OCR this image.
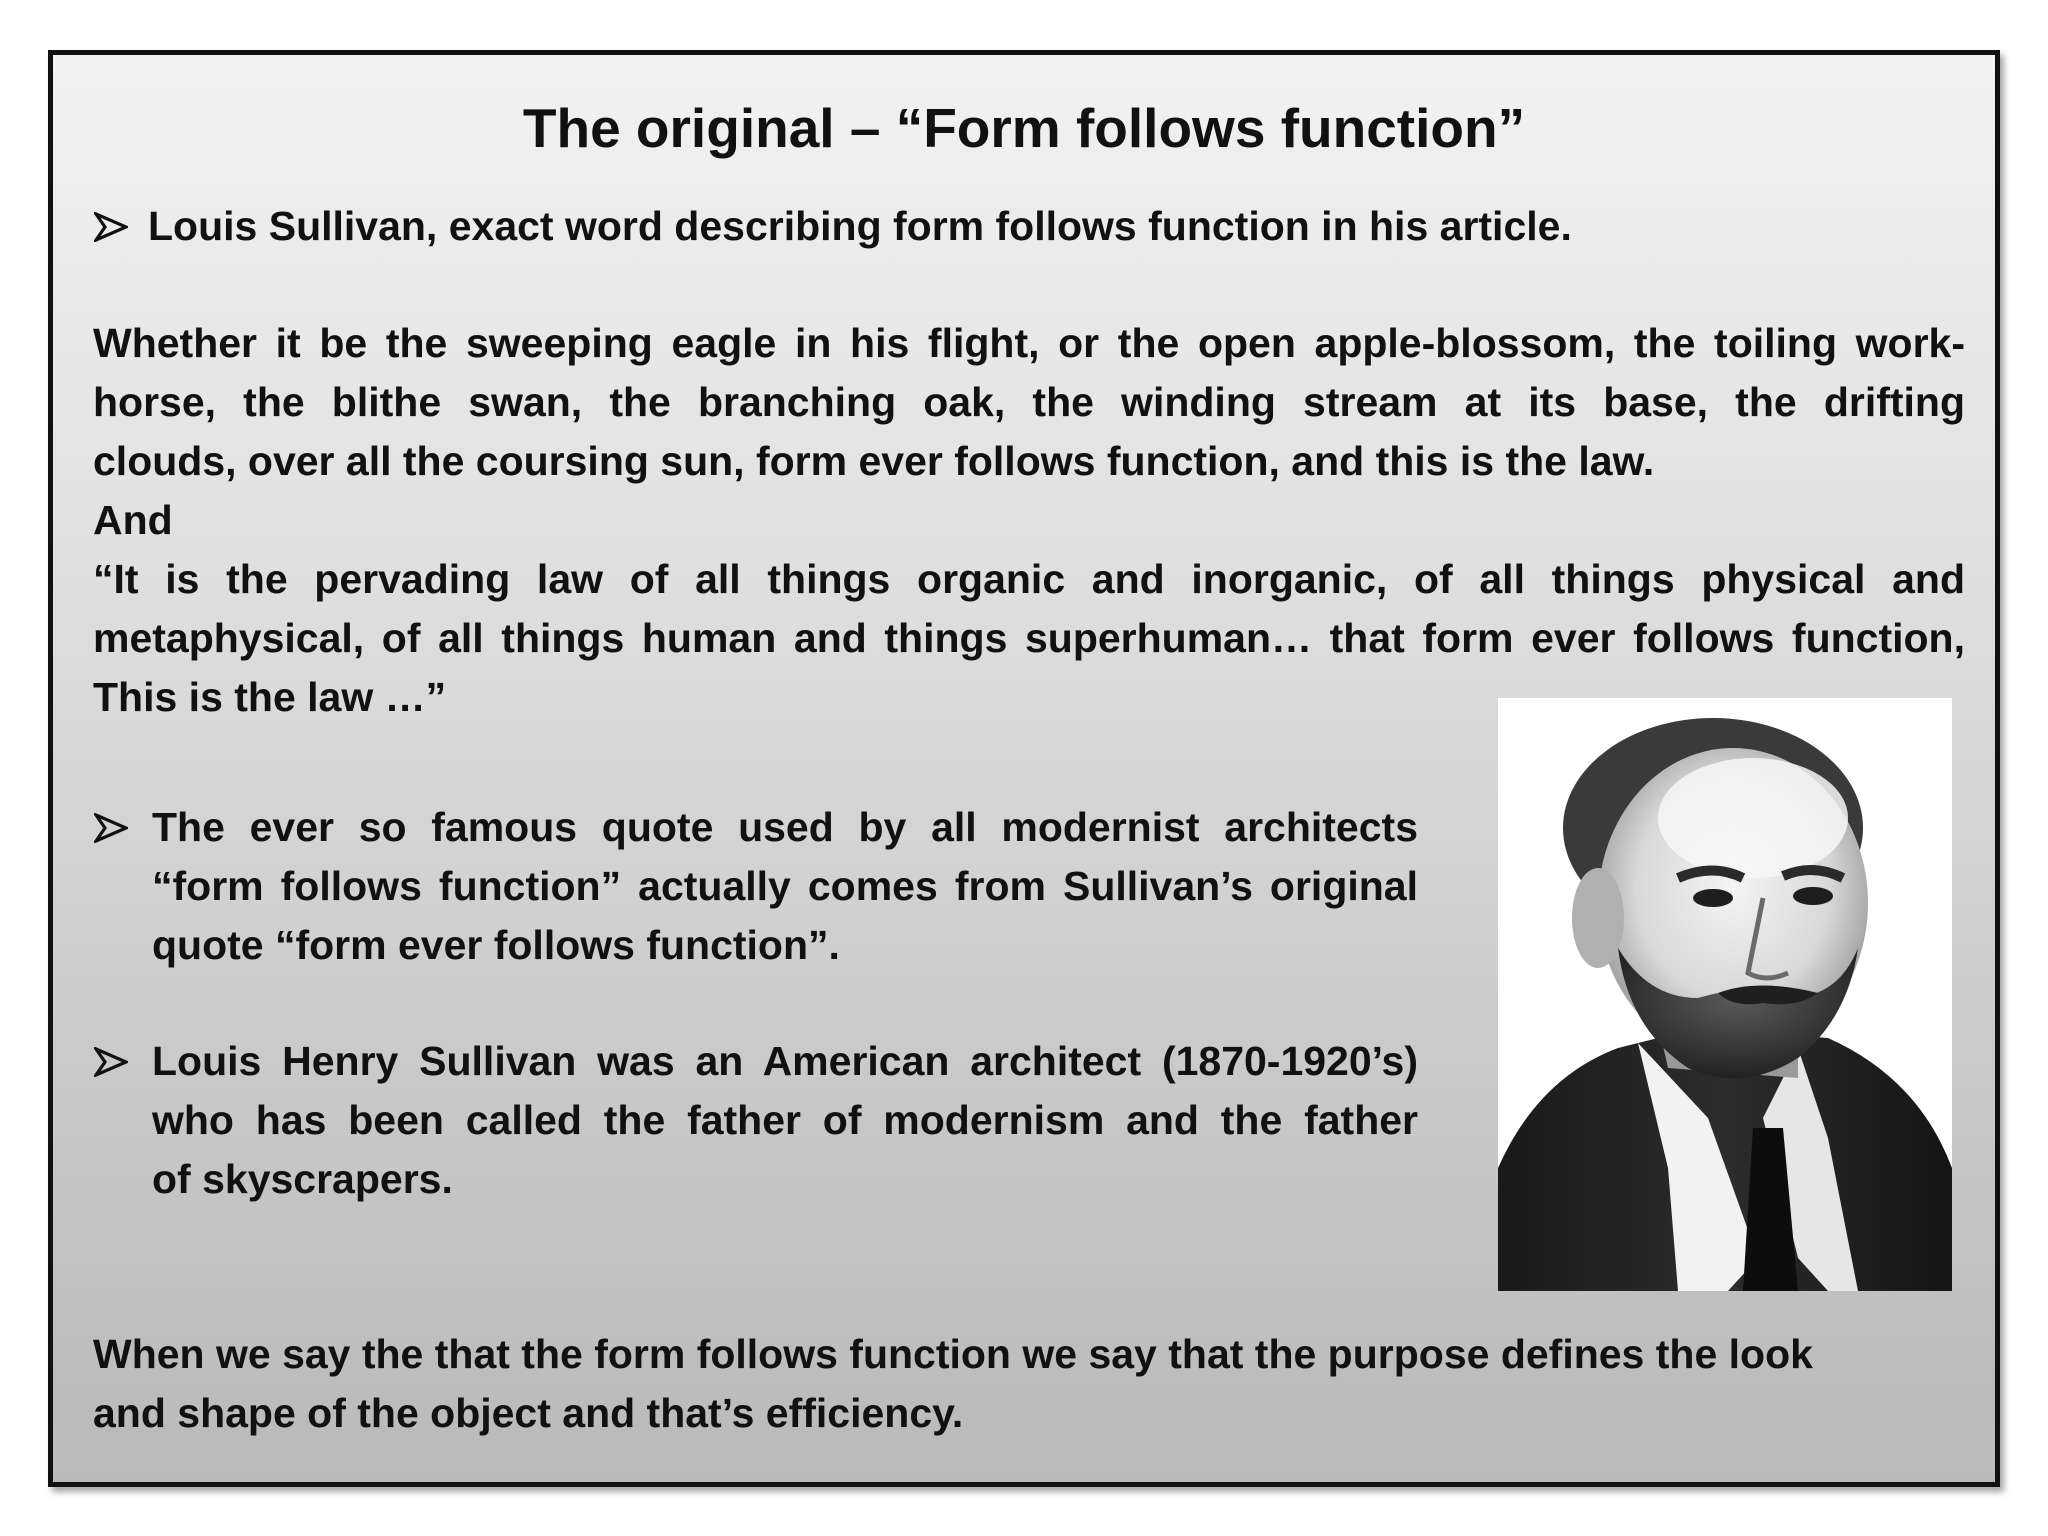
The original – “Form follows function”
Louis Sullivan, exact word describing form follows function in his article.
Whether it be the sweeping eagle in his flight, or the open apple-blossom, the toiling work-
horse, the blithe swan, the branching oak, the winding stream at its base, the drifting
clouds, over all the coursing sun, form ever follows function, and this is the law.
And
“It is the pervading law of all things organic and inorganic, of all things physical and
metaphysical, of all things human and things superhuman… that form ever follows function,
This is the law …”
The ever so famous quote used by all modernist architects
“form follows function” actually comes from Sullivan’s original
quote “form ever follows function”.
Louis Henry Sullivan was an American architect (1870-1920’s)
who has been called the father of modernism and the father
of skyscrapers.
When we say the that the form follows function we say that the purpose defines the look
and shape of the object and that’s efficiency.
